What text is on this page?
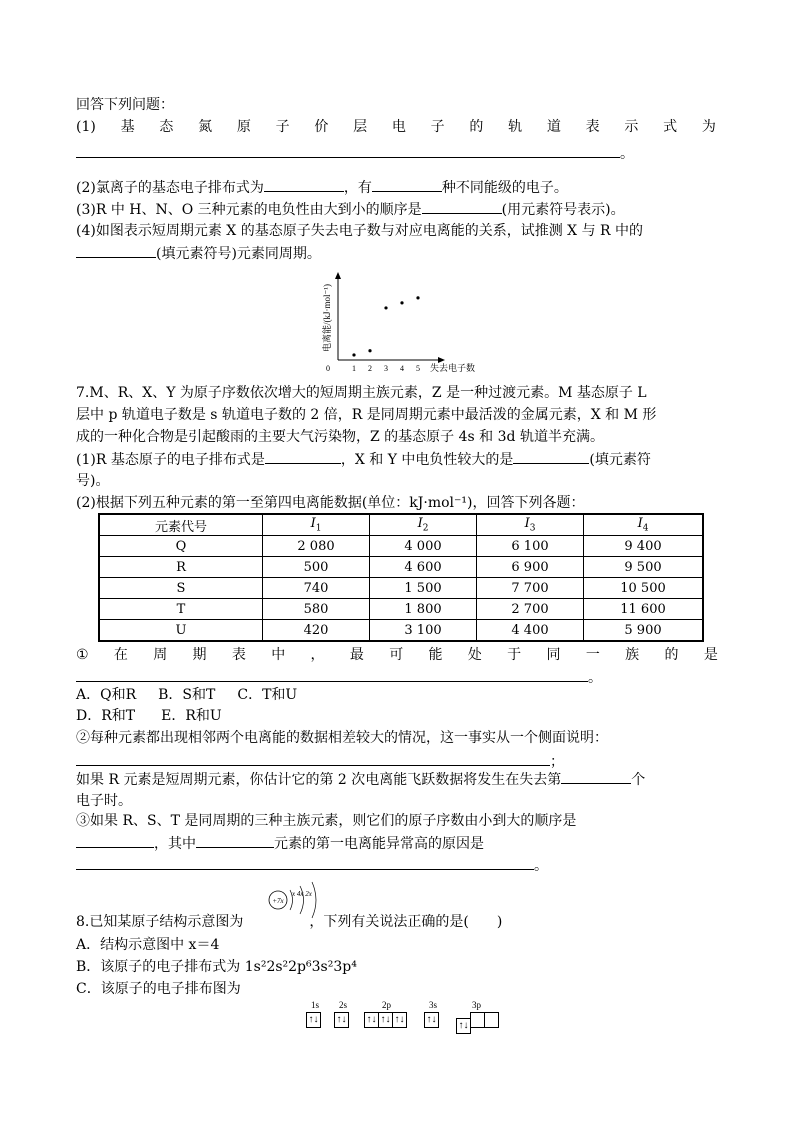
回答下列问题：
(1) 基 态 氮 原 子 价 层 电 子 的 轨 道 表 示 式 为
。
(2)氯离子的基态电子排布式为	，有	种不同能级的电子。
(3)R 中 H、N、O 三种元素的电负性由大到小的顺序是	(用元素符号表示)。
(4)如图表示短周期元素 X 的基态原子失去电子数与对应电离能的关系，试推测 X 与 R 中的
(填元素符号)元素同周期。
电离能/(kJ·mol⁻¹)
失去电子数
0	1 2 3 4 5
7.M、R、X、Y 为原子序数依次增大的短周期主族元素，Z 是一种过渡元素。M 基态原子 L
层中 p 轨道电子数是 s 轨道电子数的 2 倍，R 是同周期元素中最活泼的金属元素，X 和 M 形
成的一种化合物是引起酸雨的主要大气污染物，Z 的基态原子 4s 和 3d 轨道半充满。
(1)R 基态原子的电子排布式是	，X 和 Y 中电负性较大的是	(填元素符
号)。
(2)根据下列五种元素的第一至第四电离能数据(单位：kJ·mol⁻¹)，回答下列各题：
元素代号	$I_1$	$I_2$	$I_3$	$I_4$
Q	2 080	4 000	6 100	9 400
R	500	4 600	6 900	9 500
S	740	1 500	7 700	10 500
T	580	1 800	2 700	11 600
U	420	3 100	4 400	5 900
① 在 周 期 表 中 ， 最 可 能 处 于 同 一 族 的 是
。
A．Q和R B．S和T C．T和U
D．R和T E．R和U
②每种元素都出现相邻两个电离能的数据相差较大的情况，这一事实从一个侧面说明：
；
如果 R 元素是短周期元素，你估计它的第 2 次电离能飞跃数据将发生在失去第	个
电子时。
③如果 R、S、T 是同周期的三种主族元素，则它们的原子序数由小到大的顺序是
，其中	元素的第一电离能异常高的原因是
。
+7x
x 4x 2x
8.已知某原子结构示意图为	，下列有关说法正确的是(　　)
A．结构示意图中 x＝4
B．该原子的电子排布式为 1s²2s²2p⁶3s²3p⁴
C．该原子的电子排布图为
1s 2s	2p	3s	3p
↑↓ ↑↓ ↑↓ ↑↓ ↑↓ ↑↓
↑↓
